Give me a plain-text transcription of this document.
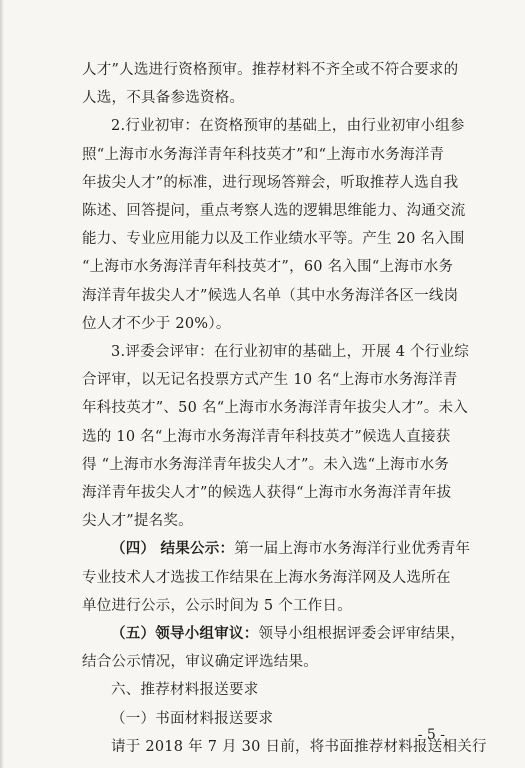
人才”人选进行资格预审。推荐材料不齐全或不符合要求的
人选，不具备参选资格。
2.行业初审：在资格预审的基础上，由行业初审小组参
照“上海市水务海洋青年科技英才”和“上海市水务海洋青
年拔尖人才”的标准，进行现场答辩会，听取推荐人选自我
陈述、回答提问，重点考察人选的逻辑思维能力、沟通交流
能力、专业应用能力以及工作业绩水平等。产生 20 名入围
“上海市水务海洋青年科技英才”，60 名入围“上海市水务
海洋青年拔尖人才”候选人名单（其中水务海洋各区一线岗
位人才不少于 20%）。
3.评委会评审：在行业初审的基础上，开展 4 个行业综
合评审，以无记名投票方式产生 10 名“上海市水务海洋青
年科技英才”、50 名“上海市水务海洋青年拔尖人才”。未入
选的 10 名“上海市水务海洋青年科技英才”候选人直接获
得 “上海市水务海洋青年拔尖人才”。未入选“上海市水务
海洋青年拔尖人才”的候选人获得“上海市水务海洋青年拔
尖人才”提名奖。
（四） 结果公示：第一届上海市水务海洋行业优秀青年
专业技术人才选拔工作结果在上海水务海洋网及人选所在
单位进行公示，公示时间为 5 个工作日。
（五）领导小组审议：领导小组根据评委会评审结果，
结合公示情况，审议确定评选结果。
六、推荐材料报送要求
（一）书面材料报送要求
请于 2018 年 7 月 30 日前，将书面推荐材料报送相关行
- 5 -
